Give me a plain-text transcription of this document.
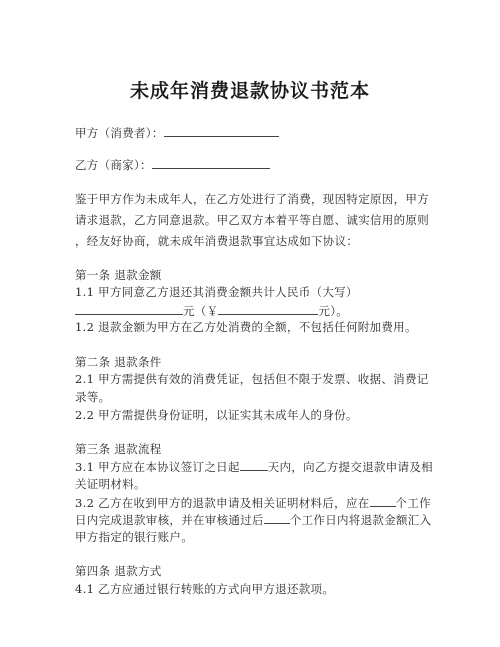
未成年消费退款协议书范本
甲方（消费者）：
乙方（商家）：
鉴于甲方作为未成年人，在乙方处进行了消费，现因特定原因，甲方
请求退款，乙方同意退款。甲乙双方本着平等自愿、诚实信用的原则
，经友好协商，就未成年消费退款事宜达成如下协议：
第一条 退款金额
1.1 甲方同意乙方退还其消费金额共计人民币（大写）
元（￥	元）。
1.2 退款金额为甲方在乙方处消费的全额，不包括任何附加费用。
第二条 退款条件
2.1 甲方需提供有效的消费凭证，包括但不限于发票、收据、消费记
录等。
2.2 甲方需提供身份证明，以证实其未成年人的身份。
第三条 退款流程
3.1 甲方应在本协议签订之日起 天内，向乙方提交退款申请及相
关证明材料。
3.2 乙方在收到甲方的退款申请及相关证明材料后，应在 个工作
日内完成退款审核，并在审核通过后 个工作日内将退款金额汇入
甲方指定的银行账户。
第四条 退款方式
4.1 乙方应通过银行转账的方式向甲方退还款项。
